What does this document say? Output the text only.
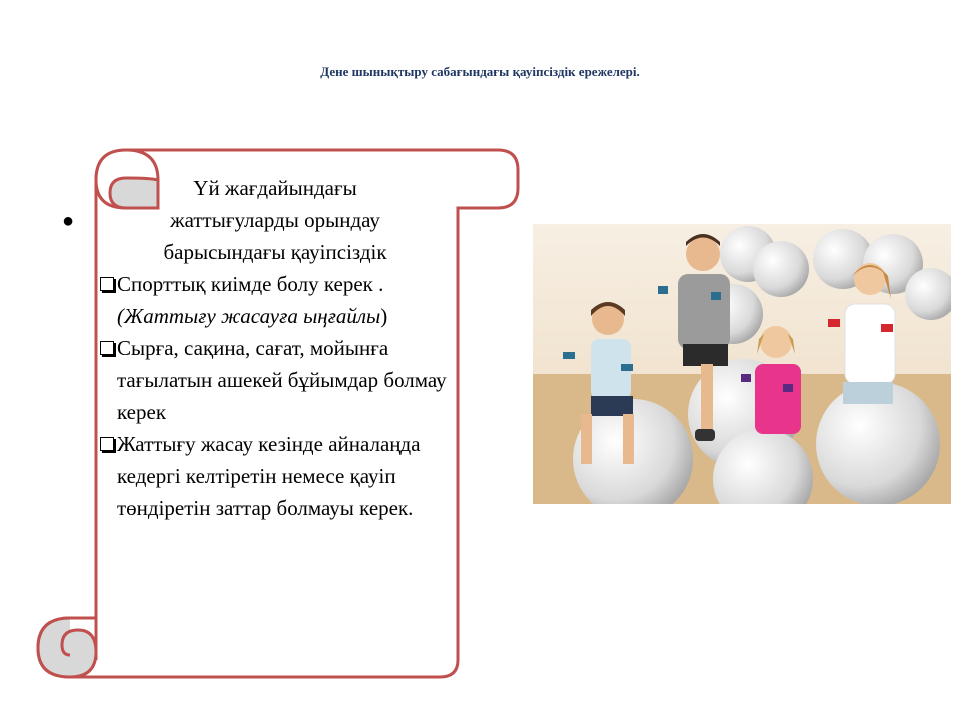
Дене шынықтыру сабағындағы қауіпсіздік ережелері.
●

Үй жағдайындағы
жаттығуларды орындау
барысындағы қауіпсіздік

Спорттық киімде болу керек . (Жаттығу жасауға ыңғайлы)
Сырға, сақина, сағат, мойынға тағылатын ашекей бұйымдар болмау керек
Жаттығу жасау кезінде айналаңда кедергі келтіретін немесе қауіп төндіретін заттар болмауы керек.
